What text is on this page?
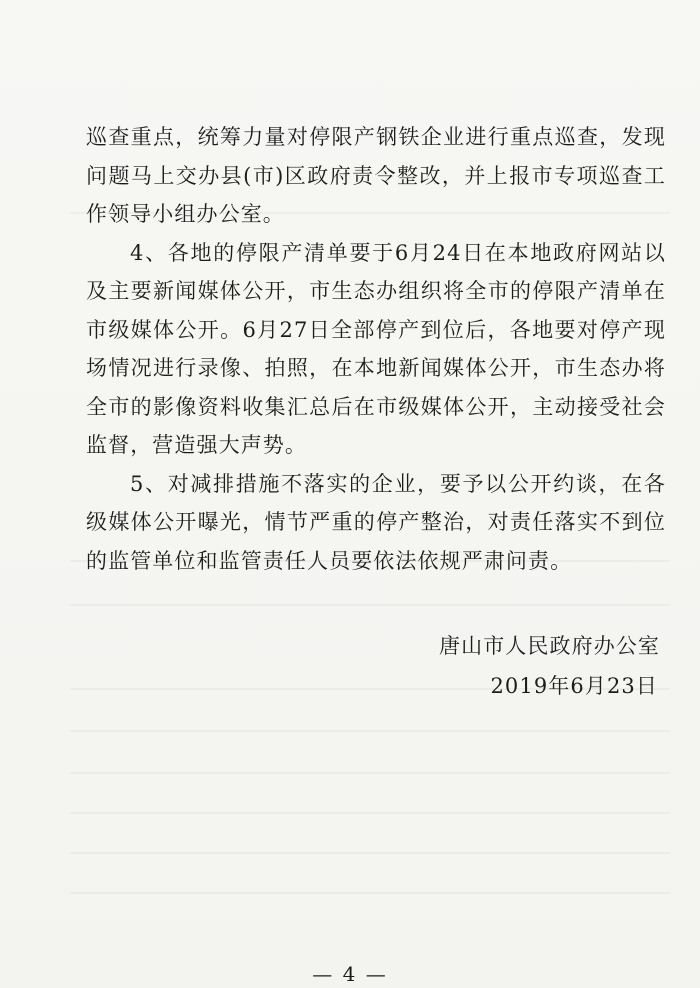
巡查重点，统筹力量对停限产钢铁企业进行重点巡查，发现问题马上交办县(市)区政府责令整改，并上报市专项巡查工作领导小组办公室。

4、各地的停限产清单要于6月24日在本地政府网站以及主要新闻媒体公开，市生态办组织将全市的停限产清单在市级媒体公开。6月27日全部停产到位后，各地要对停产现场情况进行录像、拍照，在本地新闻媒体公开，市生态办将全市的影像资料收集汇总后在市级媒体公开，主动接受社会监督，营造强大声势。

5、对减排措施不落实的企业，要予以公开约谈，在各级媒体公开曝光，情节严重的停产整治，对责任落实不到位的监管单位和监管责任人员要依法依规严肃问责。

唐山市人民政府办公室
2019年6月23日
— 4 —
